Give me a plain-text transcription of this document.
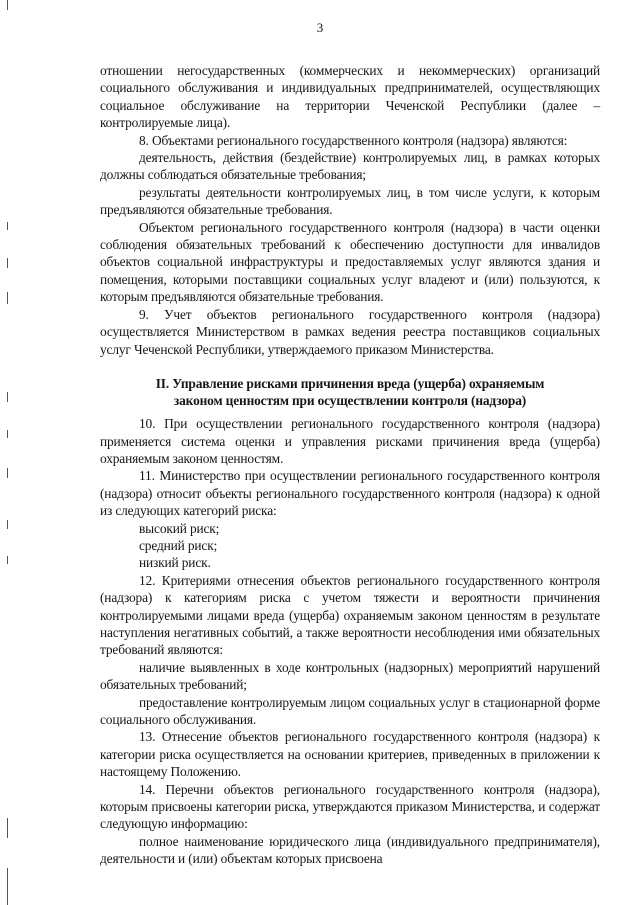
3

отношении негосударственных (коммерческих и некоммерческих) организаций социального обслуживания и индивидуальных предпринимателей, осуществляющих социальное обслуживание на территории Чеченской Республики (далее – контролируемые лица).

8. Объектами регионального государственного контроля (надзора) являются:

деятельность, действия (бездействие) контролируемых лиц, в рамках которых должны соблюдаться обязательные требования;

результаты деятельности контролируемых лиц, в том числе услуги, к которым предъявляются обязательные требования.

Объектом регионального государственного контроля (надзора) в части оценки соблюдения обязательных требований к обеспечению доступности для инвалидов объектов социальной инфраструктуры и предоставляемых услуг являются здания и помещения, которыми поставщики социальных услуг владеют и (или) пользуются, к которым предъявляются обязательные требования.

9. Учет объектов регионального государственного контроля (надзора) осуществляется Министерством в рамках ведения реестра поставщиков социальных услуг Чеченской Республики, утверждаемого приказом Министерства.

II. Управление рисками причинения вреда (ущерба) охраняемым
законом ценностям при осуществлении контроля (надзора)

10. При осуществлении регионального государственного контроля (надзора) применяется система оценки и управления рисками причинения вреда (ущерба) охраняемым законом ценностям.

11. Министерство при осуществлении регионального государственного контроля (надзора) относит объекты регионального государственного контроля (надзора) к одной из следующих категорий риска:

высокий риск;

средний риск;

низкий риск.

12. Критериями отнесения объектов регионального государственного контроля (надзора) к категориям риска с учетом тяжести и вероятности причинения контролируемыми лицами вреда (ущерба) охраняемым законом ценностям в результате наступления негативных событий, а также вероятности несоблюдения ими обязательных требований являются:

наличие выявленных в ходе контрольных (надзорных) мероприятий нарушений обязательных требований;

предоставление контролируемым лицом социальных услуг в стационарной форме социального обслуживания.

13. Отнесение объектов регионального государственного контроля (надзора) к категории риска осуществляется на основании критериев, приведенных в приложении к настоящему Положению.

14. Перечни объектов регионального государственного контроля (надзора), которым присвоены категории риска, утверждаются приказом Министерства, и содержат следующую информацию:

полное наименование юридического лица (индивидуального предпринимателя), деятельности и (или) объектам которых присвоена
